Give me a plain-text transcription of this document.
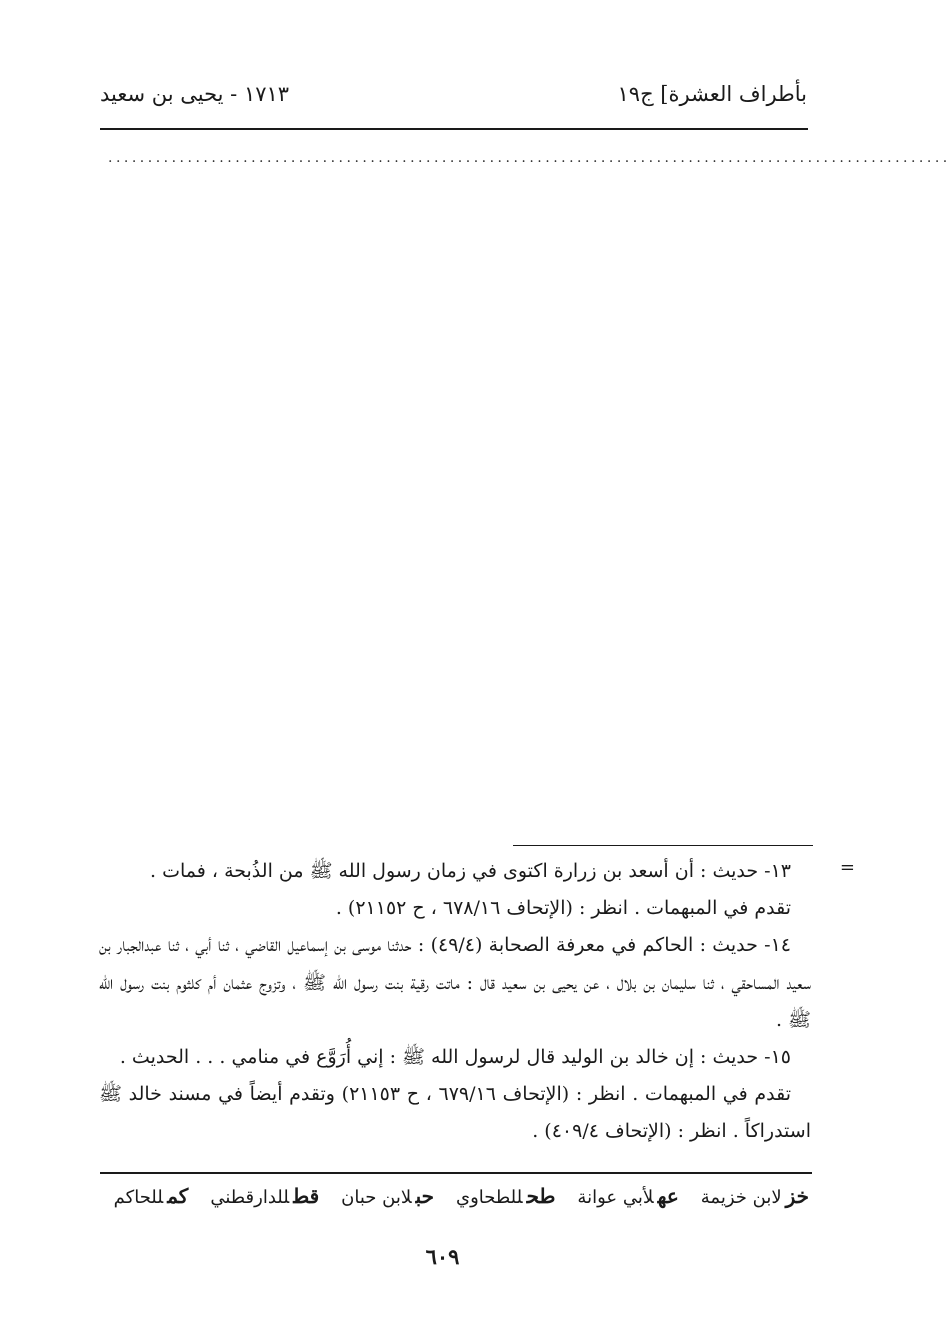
بأطراف العشرة] ج١٩
١٧١٣ - يحيى بن سعيد
..........................................................................................................
=

١٣- حديث : أن أسعد بن زرارة اكتوى في زمان رسول الله ﷺ من الذُبحة ، فمات .

تقدم في المبهمات . انظر : (الإتحاف ٦٧٨/١٦ ، ح ٢١١٥٢) .

١٤- حديث : الحاكم في معرفة الصحابة (٤٩/٤) : حدثنا موسى بن إسماعيل القاضي ، ثنا أبي ، ثنا عبدالجبار بن سعيد المساحقي ، ثنا سليمان بن بلال ، عن يحيى بن سعيد قال : ماتت رقية بنت رسول الله ﷺ ، وتزوج عثمان أم كلثوم بنت رسول الله ﷺ .

١٥- حديث : إن خالد بن الوليد قال لرسول الله ﷺ : إني أُرَوَّع في منامي . . . الحديث .

تقدم في المبهمات . انظر : (الإتحاف ٦٧٩/١٦ ، ح ٢١١٥٣) وتقدم أيضاً في مسند خالد ﷺ استدراكاً . انظر : (الإتحاف ٤٠٩/٤) .

خزلابن خزيمة
عهلأبي عوانة
طحللطحاوي
حبلابن حبان
قطللدارقطني
كمللحاكم
٦٠٩
